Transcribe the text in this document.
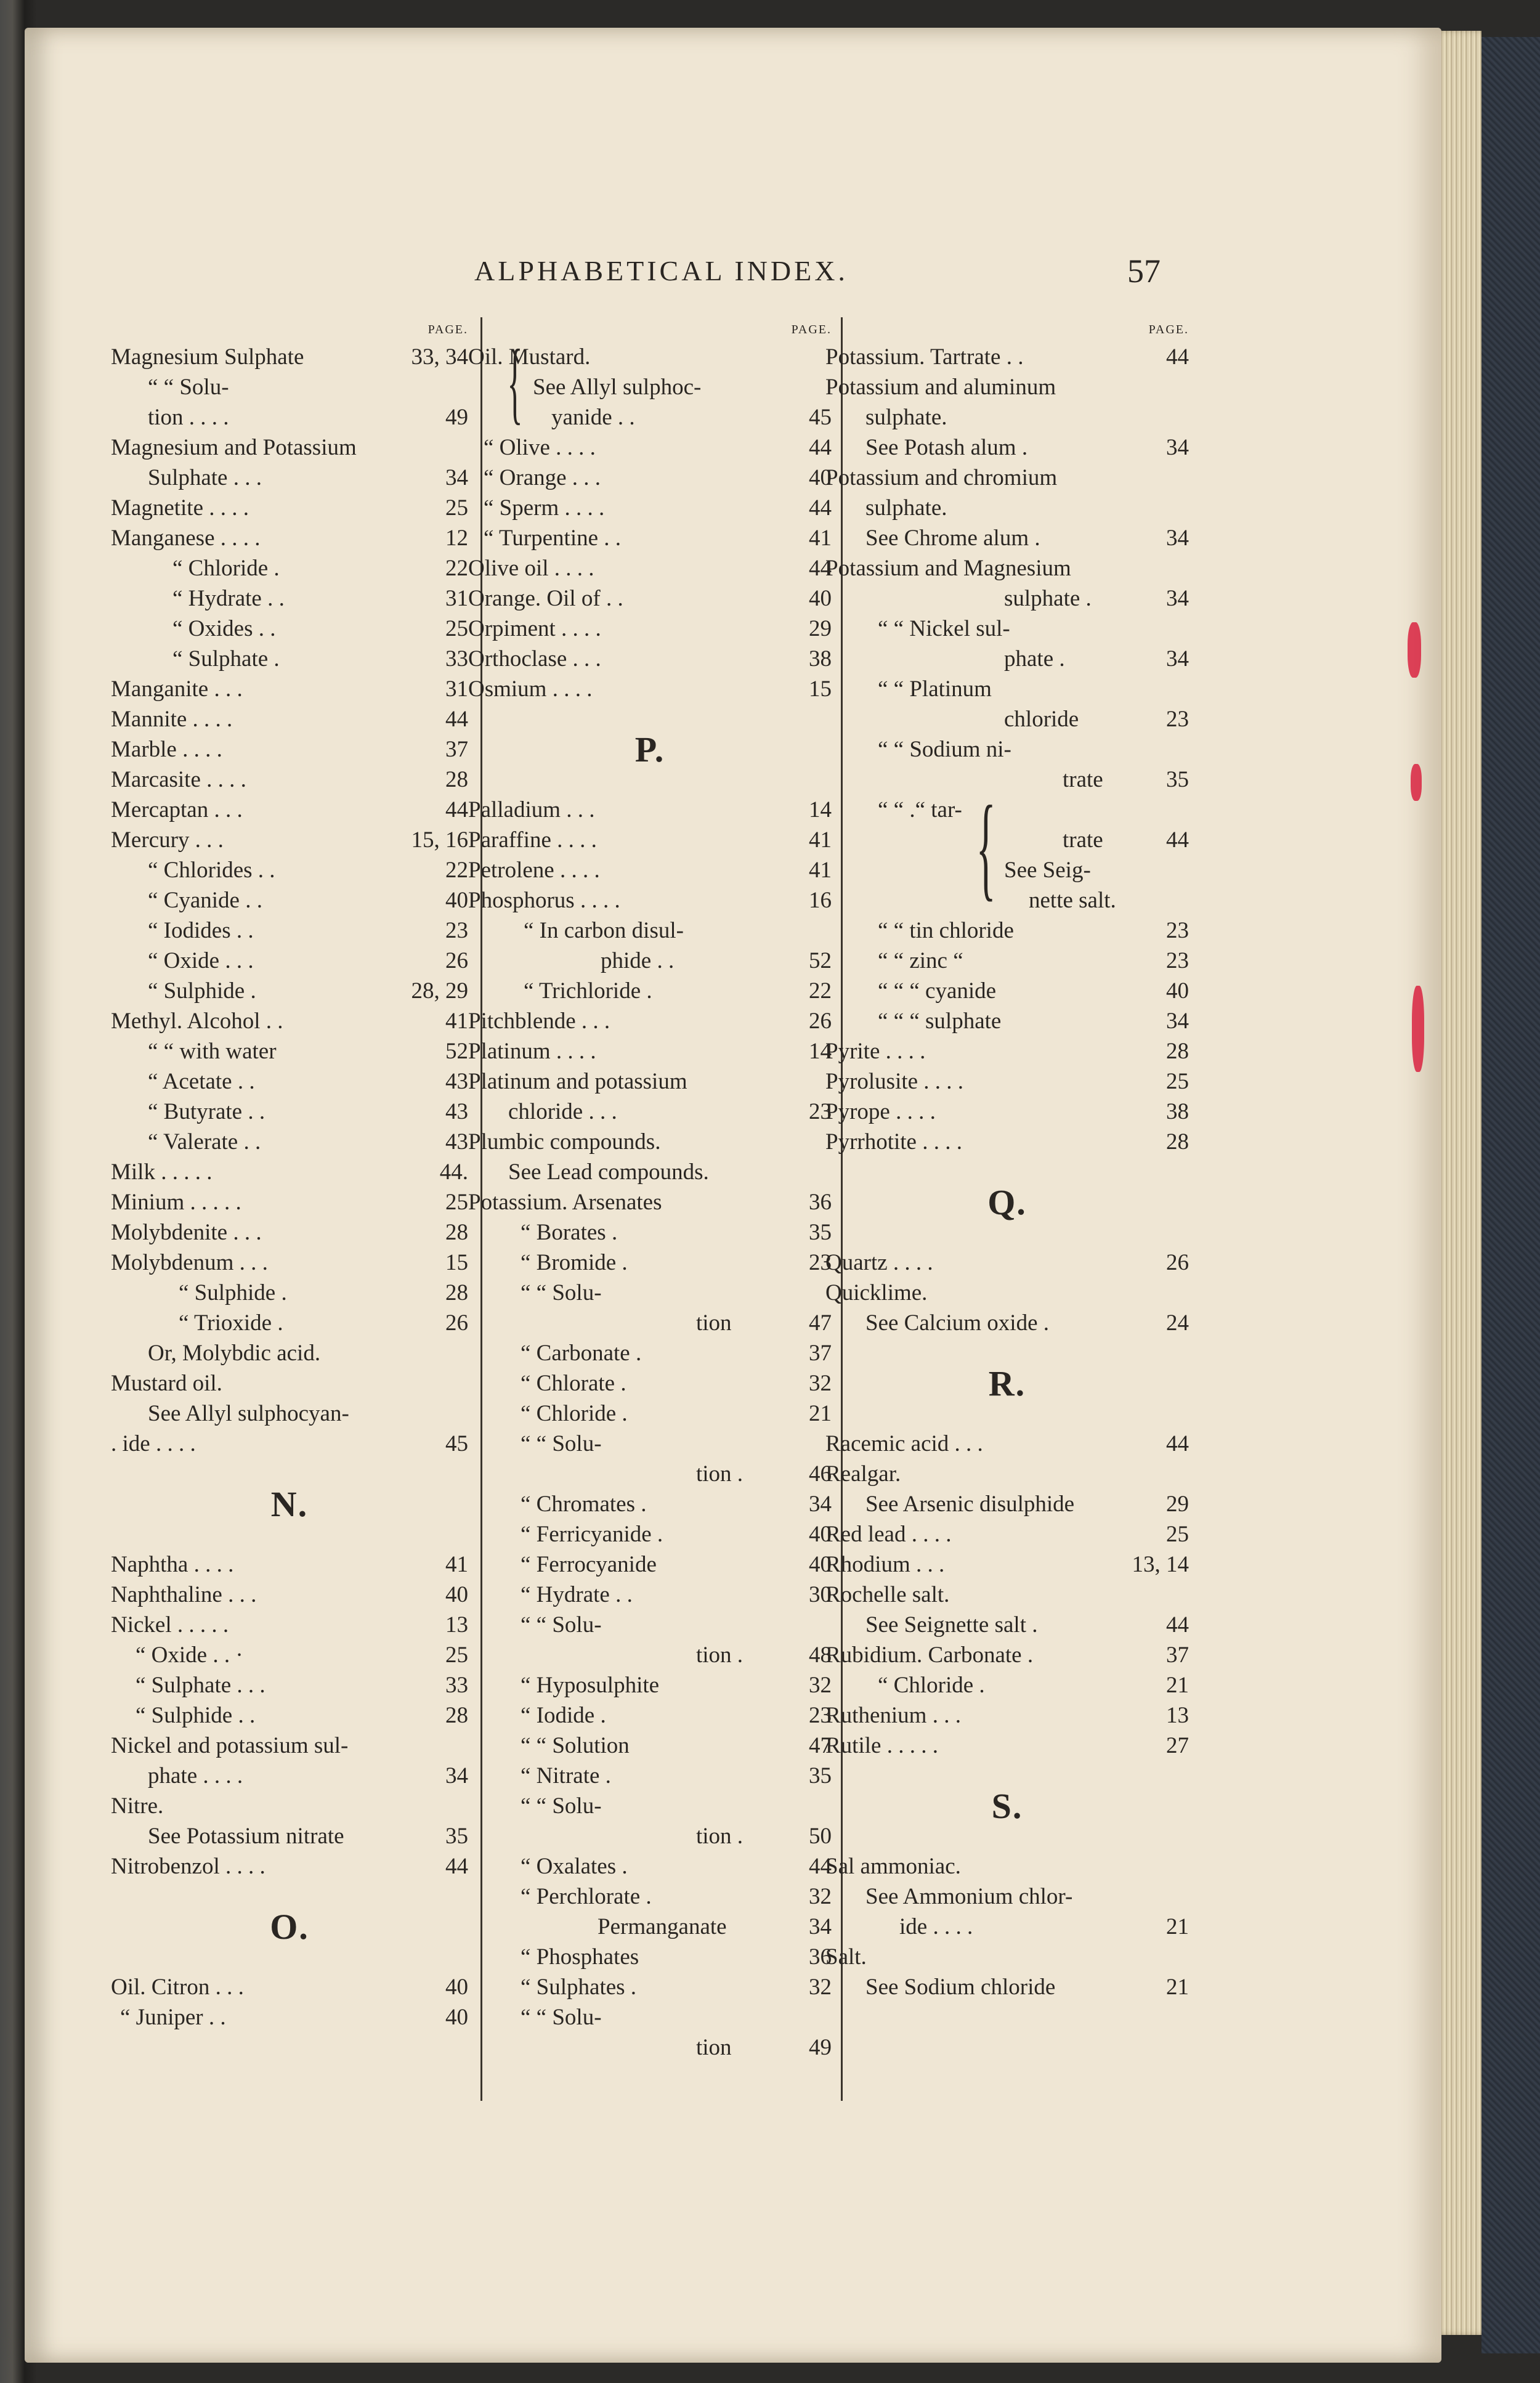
ALPHABETICAL INDEX.	57
PAGE.
Magnesium Sulphate	33, 34
“ “ Solu-
tion . . . .	49
Magnesium and Potassium
Sulphate . . .	34
Magnetite . . . .	25
Manganese . . . .	12
“ Chloride .	22
“ Hydrate . .	31
“ Oxides . .	25
“ Sulphate .	33
Manganite . . .	31
Mannite . . . .	44
Marble . . . .	37
Marcasite . . . .	28
Mercaptan . . .	44
Mercury . . .	15, 16
“ Chlorides . .	22
“ Cyanide . .	40
“ Iodides . .	23
“ Oxide . . .	26
“ Sulphide .	28, 29
Methyl. Alcohol . .	41
“ “ with water	52
“ Acetate . .	43
“ Butyrate . .	43
“ Valerate . .	43
Milk . . . . .	44.
Minium . . . . .	25
Molybdenite . . .	28
Molybdenum . . .	15
“ Sulphide .	28
“ Trioxide .	26
Or, Molybdic acid.
Mustard oil.
See Allyl sulphocyan-
. ide . . . .	45
N.
Naphtha . . . .	41
Naphthaline . . .	40
Nickel . . . . .	13
“ Oxide . . ·	25
“ Sulphate . . .	33
“ Sulphide . .	28
Nickel and potassium sul-
phate . . . .	34
Nitre.
See Potassium nitrate	35
Nitrobenzol . . . .	44
O.
Oil. Citron . . .	40
“ Juniper . .	40
PAGE.
{
Oil. Mustard.
See Allyl sulphoc-
yanide . .	45
“ Olive . . . .	44
“ Orange . . .	40
“ Sperm . . . .	44
“ Turpentine . .	41
Olive oil . . . .	44
Orange. Oil of . .	40
Orpiment . . . .	29
Orthoclase . . .	38
Osmium . . . .	15
P.
Palladium . . .	14
Paraffine . . . .	41
Petrolene . . . .	41
Phosphorus . . . .	16
“ In carbon disul-
phide . .	52
“ Trichloride .	22
Pitchblende . . .	26
Platinum . . . .	14
Platinum and potassium
chloride . . .	23
Plumbic compounds.
See Lead compounds.
Potassium. Arsenates	36
“ Borates .	35
“ Bromide .	23
“ “ Solu-
tion	47
“ Carbonate .	37
“ Chlorate .	32
“ Chloride .	21
“ “ Solu-
tion .	46
“ Chromates .	34
“ Ferricyanide .	40
“ Ferrocyanide	40
“ Hydrate . .	30
“ “ Solu-
tion .	48
“ Hyposulphite	32
“ Iodide .	23
“ “ Solution	47
“ Nitrate .	35
“ “ Solu-
tion .	50
“ Oxalates .	44
“ Perchlorate .	32
Permanganate	34
“ Phosphates	36
“ Sulphates .	32
“ “ Solu-
tion	49
PAGE.
{
Potassium. Tartrate . .	44
Potassium and aluminum
sulphate.
See Potash alum .	34
Potassium and chromium
sulphate.
See Chrome alum .	34
Potassium and Magnesium
sulphate .	34
“ “ Nickel sul-
phate .	34
“ “ Platinum
chloride	23
“ “ Sodium ni-
trate	35
“ “ .“ tar-
trate	44
See Seig-
nette salt.
“ “ tin chloride	23
“ “ zinc “	23
“ “ “ cyanide	40
“ “ “ sulphate	34
Pyrite . . . .	28
Pyrolusite . . . .	25
Pyrope . . . .	38
Pyrrhotite . . . .	28
Q.
Quartz . . . .	26
Quicklime.
See Calcium oxide .	24
R.
Racemic acid . . .	44
Realgar.
See Arsenic disulphide	29
Red lead . . . .	25
Rhodium . . .	13, 14
Rochelle salt.
See Seignette salt .	44
Rubidium. Carbonate .	37
“ Chloride .	21
Ruthenium . . .	13
Rutile . . . . .	27
S.
Sal ammoniac.
See Ammonium chlor-
ide . . . .	21
Salt.
See Sodium chloride	21
